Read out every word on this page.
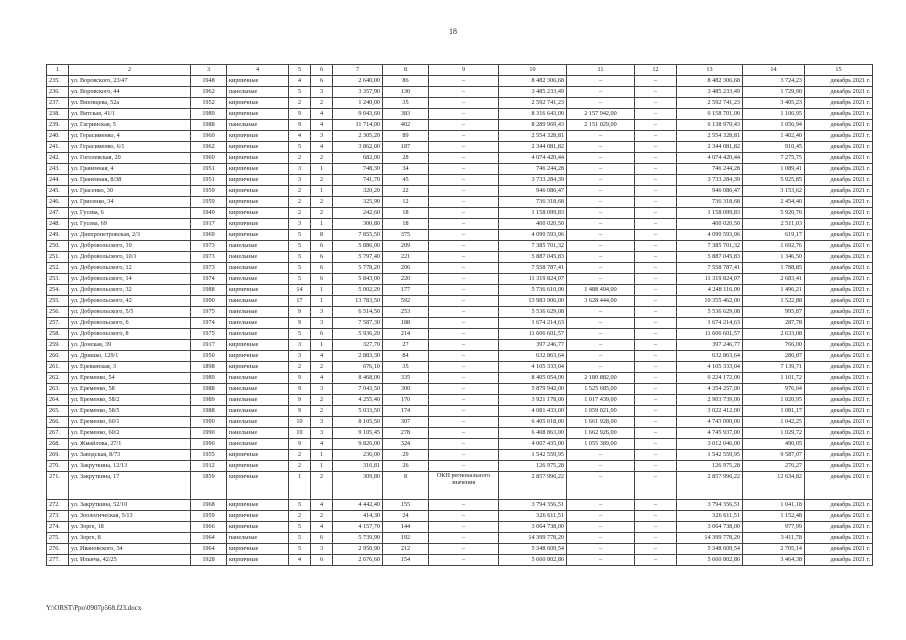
18
1	2	3	4	5	6	7	8	9	10	11	12	13	14	15
235.	ул. Воровского, 23/47	1948	кирпичные	4	6	2 640,00	86	–	8 482 306,68	–	–	8 482 306,68	3 724,23	декабрь 2021 г.
236.	ул. Воровского, 44	1962	панельные	5	3	3 357,90	130	–	3 485 233,49	–	–	3 485 233,49	1 729,90	декабрь 2021 г.
237.	ул. Вязовцева, 52а	1952	кирпичные	2	2	1 240,00	35	–	2 592 741,23	–	–	2 592 741,23	3 405,23	декабрь 2021 г.
238.	ул. Вятская, 41/1	1989	кирпичные	9	4	9 043,60	383	–	8 316 643,00	2 157 942,00	–	6 158 701,00	1 106,95	декабрь 2021 г.
239.	ул. Гагринская, 5	1988	панельные	9	4	11 714,00	402	–	8 289 969,43	2 151 029,00	–	6 138 970,43	1 056,94	декабрь 2021 г.
240.	ул. Герасименко, 4	1960	кирпичные	4	3	2 305,20	89	–	2 554 328,81	–	–	2 554 328,81	1 402,40	декабрь 2021 г.
241.	ул. Герасименко, 6/1	1962	кирпичные	5	4	3 862,00	187	–	2 344 081,82	–	–	2 344 081,82	910,45	декабрь 2021 г.
242.	ул. Гоголевская, 20	1960	кирпичные	2	2	682,00	28	–	4 074 420,44	–	–	4 074 420,44	7 275,75	декабрь 2021 г.
243.	ул. Граненная, 4	1951	кирпичные	3	1	748,30	34	–	746 244,28	–	–	746 244,28	1 089,41	декабрь 2021 г.
244.	ул. Граненная, 8/38	1951	кирпичные	3	2	741,70	45	–	3 733 284,39	–	–	3 733 284,39	5 925,85	декабрь 2021 г.
245.	ул. Грасенко, 30	1959	кирпичные	2	1	320,20	22	–	946 086,47	–	–	946 086,47	3 153,62	декабрь 2021 г.
246.	ул. Грисенко, 34	1959	кирпичные	2	2	325,90	12	–	736 318,68	–	–	736 318,68	2 454,40	декабрь 2021 г.
247.	ул. Гусева, 6	1949	кирпичные	2	2	242,60	18	–	1 158 099,83	–	–	1 158 099,83	5 920,76	декабрь 2021 г.
248.	ул. Гусева, 69	1917	кирпичные	3	1	300,80	18	–	460 020,50	–	–	460 020,50	2 511,03	декабрь 2021 г.
249.	ул. Днепропетровская, 2/3	1969	кирпичные	5	8	7 855,50	375	–	4 090 593,96	–	–	4 090 593,96	619,17	декабрь 2021 г.
250.	ул. Добровольского, 10	1973	панельные	5	6	5 886,00	209	–	7 385 701,32	–	–	7 385 701,32	1 692,76	декабрь 2021 г.
251.	ул. Добровольского, 10/1	1973	панельные	5	6	5 797,40	221	–	5 887 045,83	–	–	5 887 045,83	1 346,50	декабрь 2021 г.
252.	ул. Добровольского, 12	1973	панельные	5	6	5 778,20	206	–	7 558 787,41	–	–	7 558 787,41	1 788,85	декабрь 2021 г.
253.	ул. Добровольского, 14	1974	панельные	5	6	5 843,00	220	–	11 319 824,07	–	–	11 319 824,07	2 683,41	декабрь 2021 г.
254.	ул. Добровольского, 32	1988	кирпичные	14	1	5 002,20	177	–	5 736 610,00	1 488 494,00	–	4 248 116,00	1 496,21	декабрь 2021 г.
255.	ул. Добровольского, 42	1990	панельные	17	1	13 783,50	592	–	13 983 906,00	3 628 444,00	–	10 355 462,00	1 522,88	декабрь 2021 г.
256.	ул. Добровольского, 5/5	1975	панельные	9	3	6 514,50	253	–	5 536 629,08	–	–	5 536 629,08	995,87	декабрь 2021 г.
257.	ул. Добровольского, 6	1974	панельные	9	3	7 587,30	188	–	1 674 214,63	–	–	1 674 214,63	287,78	декабрь 2021 г.
258.	ул. Добровольского, 8	1975	панельные	5	6	5 936,20	214	–	11 606 601,57	–	–	11 606 601,57	2 633,08	декабрь 2021 г.
259.	ул. Донская, 39	1917	кирпичные	3	1	327,70	27	–	397 246,77	–	–	397 246,77	766,00	декабрь 2021 г.
260.	ул. Дришко, 129/1	1950	кирпичные	3	4	2 883,30	84	–	632 863,64	–	–	632 863,64	286,87	декабрь 2021 г.
261.	ул. Ереванская, 3	1898	кирпичные	2	2	676,10	35	–	4 105 333,04	–	–	4 105 333,04	7 139,71	декабрь 2021 г.
262.	ул. Еременко, 54	1989	панельные	9	4	8 468,00	335	–	8 405 054,00	2 180 882,00	–	6 224 172,00	1 101,72	декабрь 2021 г.
263.	ул. Еременко, 58	1988	панельные	9	3	7 043,50	300	–	5 879 942,00	1 525 685,00	–	4 354 257,00	976,64	декабрь 2021 г.
264.	ул. Еременко, 58/2	1989	панельные	9	2	4 255,40	170	–	3 921 178,00	1 017 439,00	–	2 903 739,00	1 020,95	декабрь 2021 г.
265.	ул. Еременко, 58/5	1988	панельные	9	2	5 033,50	174	–	4 081 433,00	1 059 021,00	–	3 022 412,00	1 081,17	декабрь 2021 г.
266.	ул. Еременко, 60/1	1990	панельные	10	3	8 105,50	307	–	6 405 018,00	1 661 928,00	–	4 743 090,00	1 042,25	декабрь 2021 г.
267.	ул. Еременко, 60/2	1990	панельные	10	3	9 105,45	278	–	6 408 863,00	1 662 926,00	–	4 745 937,00	1 029,72	декабрь 2021 г.
268.	ул. Жмайлова, 27/1	1990	панельные	9	4	9 826,00	324	–	4 067 435,00	1 055 389,00	–	3 012 046,00	490,05	декабрь 2021 г.
269.	ул. Заводская, 8/73	1955	кирпичные	2	1	236,00	29	–	1 542 559,95	–	–	1 542 559,95	9 587,07	декабрь 2021 г.
270.	ул. Закруткина, 12/13	1912	кирпичные	2	1	316,81	26	–	126 975,28	–	–	126 975,28	276,27	декабрь 2021 г.
271.	ул. Закруткина, 17	1859	кирпичные	1	2	309,80	8	ОКН регионального значения	2 857 996,22	–	–	2 857 996,22	12 634,82	декабрь 2021 г.
272.	ул. Закруткина, 52/10	1968	кирпичные	5	4	4 442,40	155	–	3 794 356,51	–	–	3 794 356,51	1 041,18	декабрь 2021 г.
273.	ул. Зоологическая, 5/13	1959	кирпичные	2	2	414,30	24	–	326 611,51	–	–	326 611,51	1 152,48	декабрь 2021 г.
274.	ул. Зорге, 18	1966	кирпичные	5	4	4 157,70	144	–	3 064 738,00	–	–	3 064 738,00	977,99	декабрь 2021 г.
275.	ул. Зорге, 8	1964	панельные	5	6	5 739,90	192	–	14 399 778,20	–	–	14 399 778,20	3 411,78	декабрь 2021 г.
276.	ул. Ивановского, 34	1964	кирпичные	5	3	2 950,90	212	–	5 348 609,54	–	–	5 348 609,54	2 705,14	декабрь 2021 г.
277.	ул. Ильича, 42/25	1928	кирпичные	4	6	2 676,60	154	–	5 660 802,86	–	–	5 660 802,86	3 464,38	декабрь 2021 г.
Y:\ORST\Ppo\0907p568.f23.docx
